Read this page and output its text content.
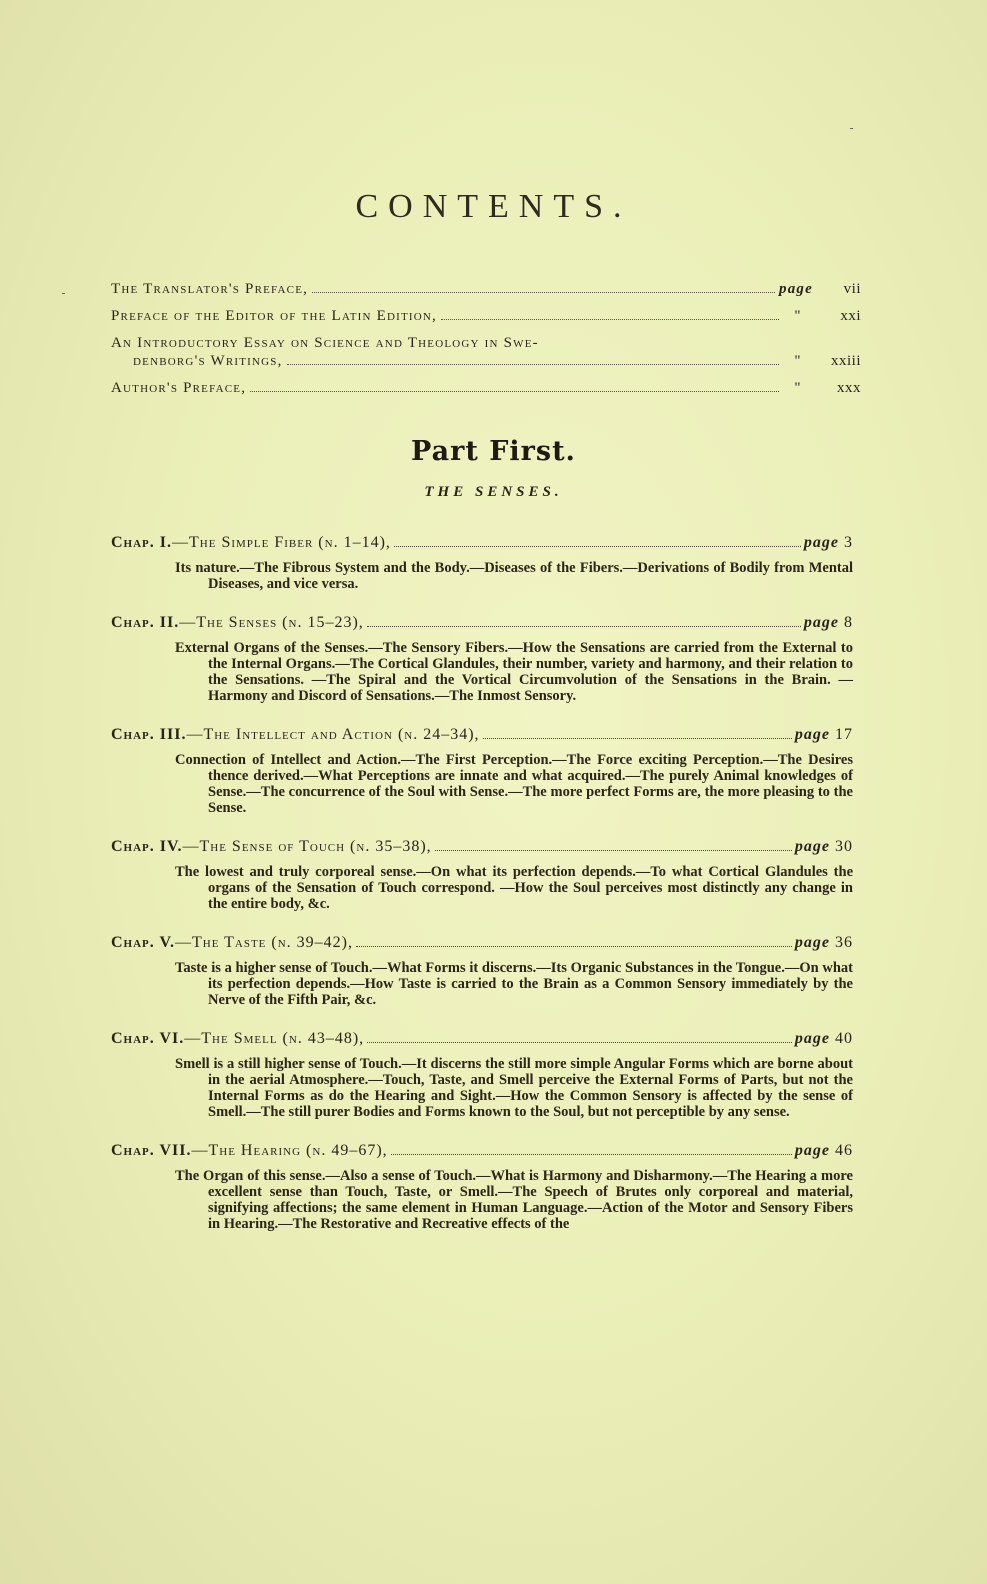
CONTENTS.
The Translator's Preface,	page	vii
Preface of the Editor of the Latin Edition,	"	xxi
An Introductory Essay on Science and Theology in Swe-
denborg's Writings,	"	xxiii
Author's Preface,	"	xxx
Part First.
THE SENSES.
Chap. I.—The Simple Fiber (n. 1–14),	page 3
Its nature.—The Fibrous System and the Body.—Diseases of the Fibers.—Derivations of Bodily from Mental Diseases, and vice versa.
Chap. II.—The Senses (n. 15–23),	page 8
External Organs of the Senses.—The Sensory Fibers.—How the Sensations are carried from the External to the Internal Organs.—The Cortical Glandules, their number, variety and harmony, and their relation to the Sensations. —The Spiral and the Vortical Circumvolution of the Sensations in the Brain. —Harmony and Discord of Sensations.—The Inmost Sensory.
Chap. III.—The Intellect and Action (n. 24–34),	page 17
Connection of Intellect and Action.—The First Perception.—The Force exciting Perception.—The Desires thence derived.—What Perceptions are innate and what acquired.—The purely Animal knowledges of Sense.—The concurrence of the Soul with Sense.—The more perfect Forms are, the more pleasing to the Sense.
Chap. IV.—The Sense of Touch (n. 35–38),	page 30
The lowest and truly corporeal sense.—On what its perfection depends.—To what Cortical Glandules the organs of the Sensation of Touch correspond. —How the Soul perceives most distinctly any change in the entire body, &c.
Chap. V.—The Taste (n. 39–42),	page 36
Taste is a higher sense of Touch.—What Forms it discerns.—Its Organic Substances in the Tongue.—On what its perfection depends.—How Taste is carried to the Brain as a Common Sensory immediately by the Nerve of the Fifth Pair, &c.
Chap. VI.—The Smell (n. 43–48),	page 40
Smell is a still higher sense of Touch.—It discerns the still more simple Angular Forms which are borne about in the aerial Atmosphere.—Touch, Taste, and Smell perceive the External Forms of Parts, but not the Internal Forms as do the Hearing and Sight.—How the Common Sensory is affected by the sense of Smell.—The still purer Bodies and Forms known to the Soul, but not perceptible by any sense.
Chap. VII.—The Hearing (n. 49–67),	page 46
The Organ of this sense.—Also a sense of Touch.—What is Harmony and Disharmony.—The Hearing a more excellent sense than Touch, Taste, or Smell.—The Speech of Brutes only corporeal and material, signifying affections; the same element in Human Language.—Action of the Motor and Sensory Fibers in Hearing.—The Restorative and Recreative effects of the
